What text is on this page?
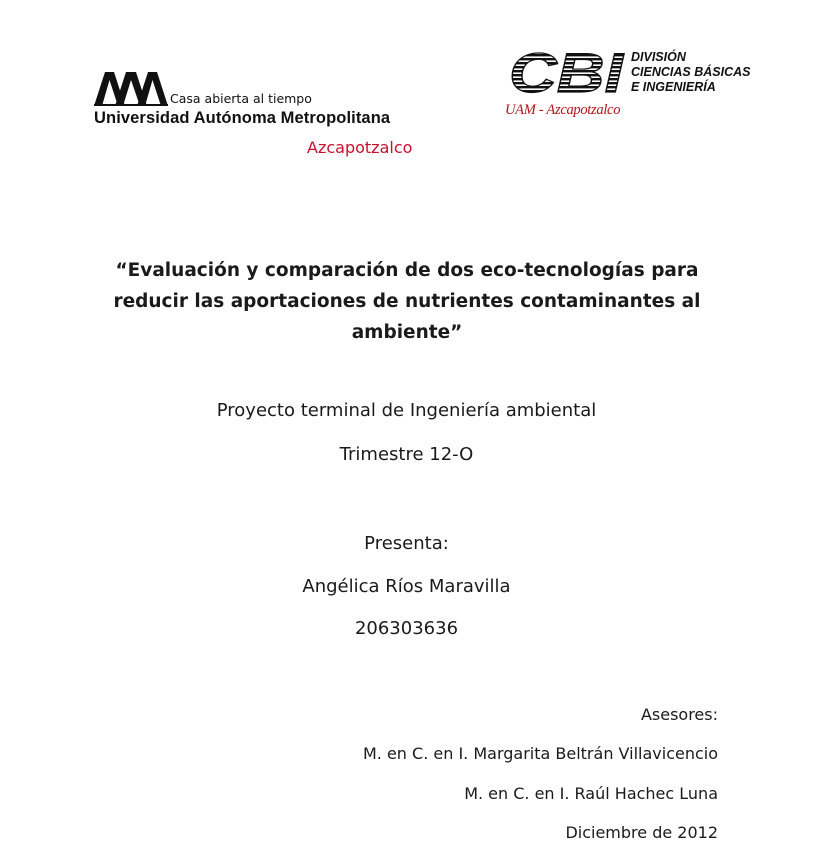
Casa abierta al tiempo
Universidad Autónoma Metropolitana
Azcapotzalco
CBI DIVISIÓN
CIENCIAS BÁSICAS
E INGENIERÍA
UAM - Azcapotzalco
“Evaluación y comparación de dos eco-tecnologías para reducir las aportaciones de nutrientes contaminantes al ambiente”
Proyecto terminal de Ingeniería ambiental
Trimestre 12-O
Presenta:
Angélica Ríos Maravilla
206303636
Asesores:
M. en C. en I. Margarita Beltrán Villavicencio
M. en C. en I. Raúl Hachec Luna
Diciembre de 2012
